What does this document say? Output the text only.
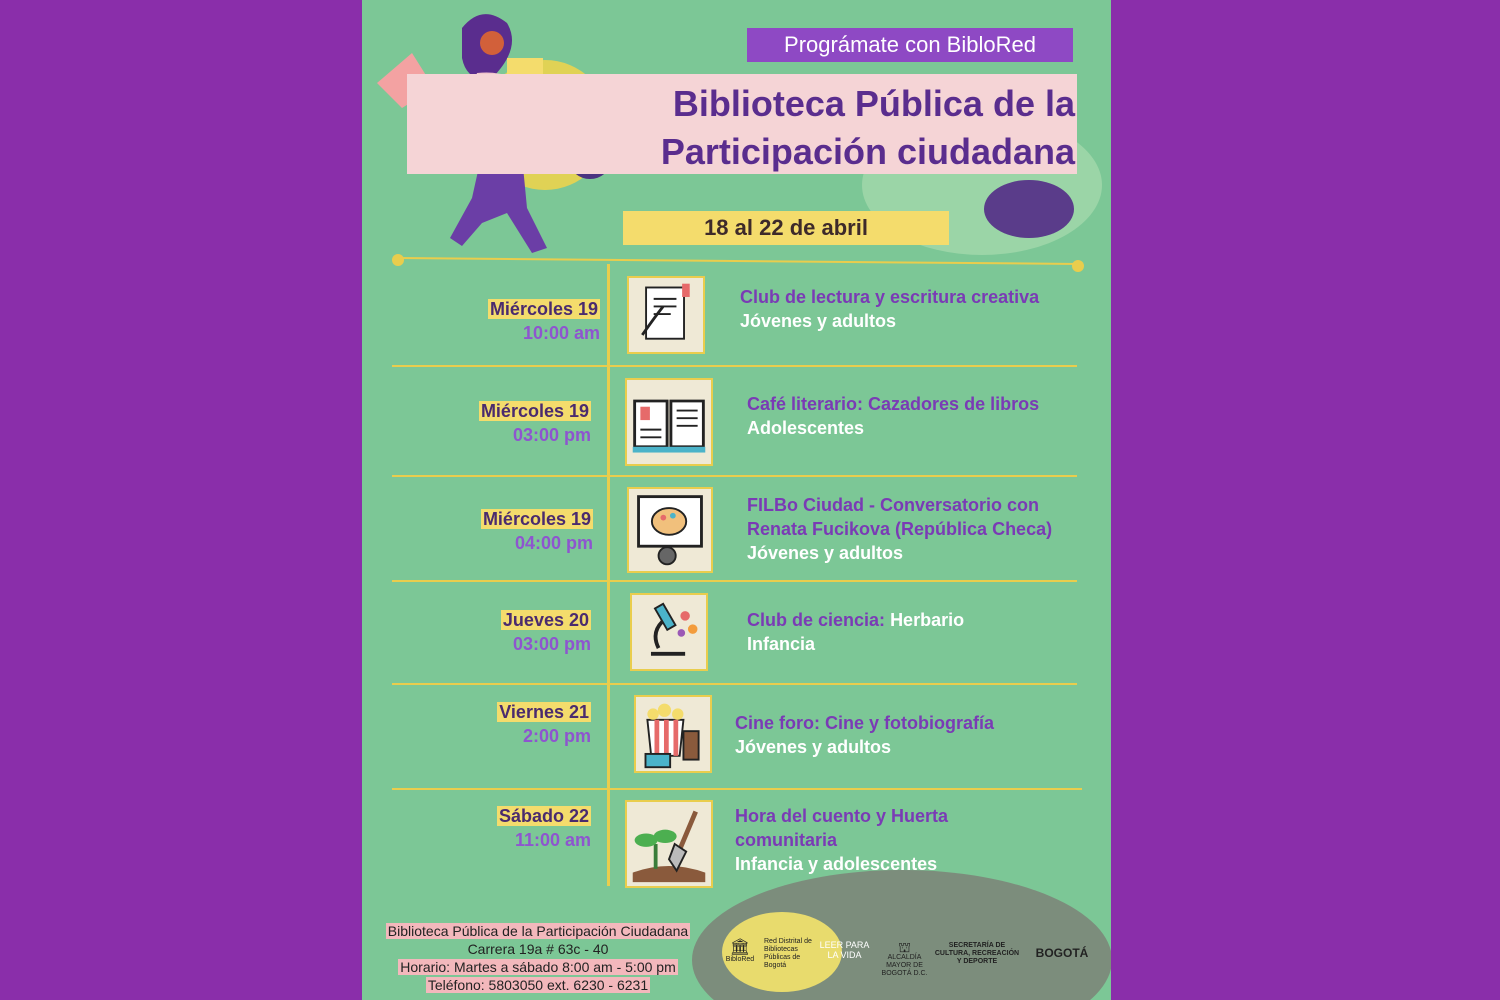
Prográmate con BibloRed
Biblioteca Pública de la
Participación ciudadana
18 al 22 de abril
Miércoles 19
10:00 am
Club de lectura y escritura creativa
Jóvenes y adultos
Miércoles 19
03:00 pm
Café literario: Cazadores de libros
Adolescentes
Miércoles 19
04:00 pm
FILBo Ciudad - Conversatorio con
Renata Fucikova (República Checa)
Jóvenes y adultos
Jueves 20
03:00 pm
Club de ciencia: Herbario
Infancia
Viernes 21
2:00 pm
Cine foro: Cine y fotobiografía
Jóvenes y adultos
Sábado 22
11:00 am
Hora del cuento y Huerta
comunitaria
Infancia y adolescentes
Biblioteca Pública de la Participación Ciudadana
Carrera 19a # 63c - 40
Horario: Martes a sábado 8:00 am - 5:00 pm
Teléfono: 5803050 ext. 6230 - 6231
🏛
BibloRed
Red Distrital de Bibliotecas Públicas de Bogotá
LEER PARA LA VIDA	⛫
ALCALDÍA MAYOR DE BOGOTÁ D.C.
SECRETARÍA DE CULTURA, RECREACIÓN Y DEPORTE
BOGOTÁ
